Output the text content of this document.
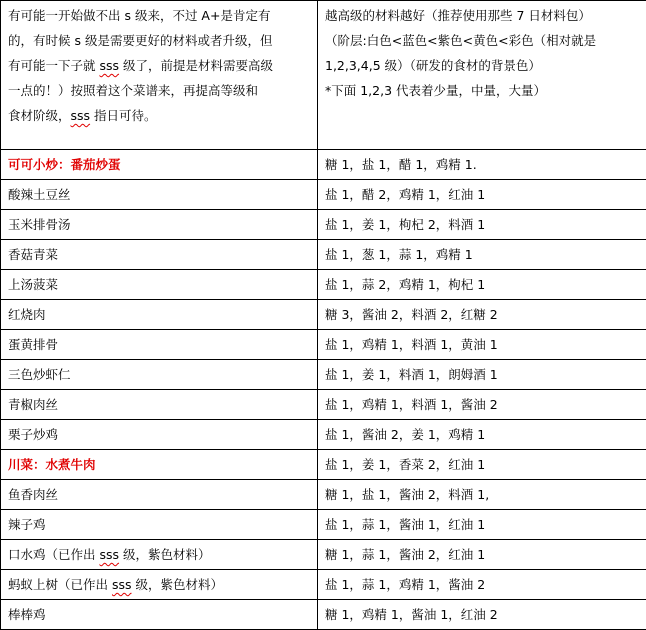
有可能一开始做不出 s 级来，不过 A+是肯定有
的，有时候 s 级是需要更好的材料或者升级，但
有可能一下子就 sss 级了，前提是材料需要高级
一点的！）按照着这个菜谱来，再提高等级和
食材阶级，sss 指日可待。	越高级的材料越好（推荐使用那些 7 日材料包）
（阶层:白色<蓝色<紫色<黄色<彩色（相对就是
1,2,3,4,5 级）（研发的食材的背景色）
*下面 1,2,3 代表着少量，中量，大量）

可可小炒：番茄炒蛋	糖 1，盐 1，醋 1，鸡精 1.
酸辣土豆丝	盐 1，醋 2，鸡精 1，红油 1
玉米排骨汤	盐 1，姜 1，枸杞 2，料酒 1
香菇青菜	盐 1，葱 1，蒜 1，鸡精 1
上汤菠菜	盐 1，蒜 2，鸡精 1，枸杞 1
红烧肉	糖 3，酱油 2，料酒 2，红糖 2
蛋黄排骨	盐 1，鸡精 1，料酒 1，黄油 1
三色炒虾仁	盐 1，姜 1，料酒 1，朗姆酒 1
青椒肉丝	盐 1，鸡精 1，料酒 1，酱油 2
栗子炒鸡	盐 1，酱油 2，姜 1，鸡精 1
川菜：水煮牛肉	盐 1，姜 1，香菜 2，红油 1
鱼香肉丝	糖 1，盐 1，酱油 2，料酒 1,
辣子鸡	盐 1，蒜 1，酱油 1，红油 1
口水鸡（已作出 sss 级，紫色材料）	糖 1，蒜 1，酱油 2，红油 1
蚂蚁上树（已作出 sss 级，紫色材料）	盐 1，蒜 1，鸡精 1，酱油 2
棒棒鸡	糖 1，鸡精 1，酱油 1，红油 2
